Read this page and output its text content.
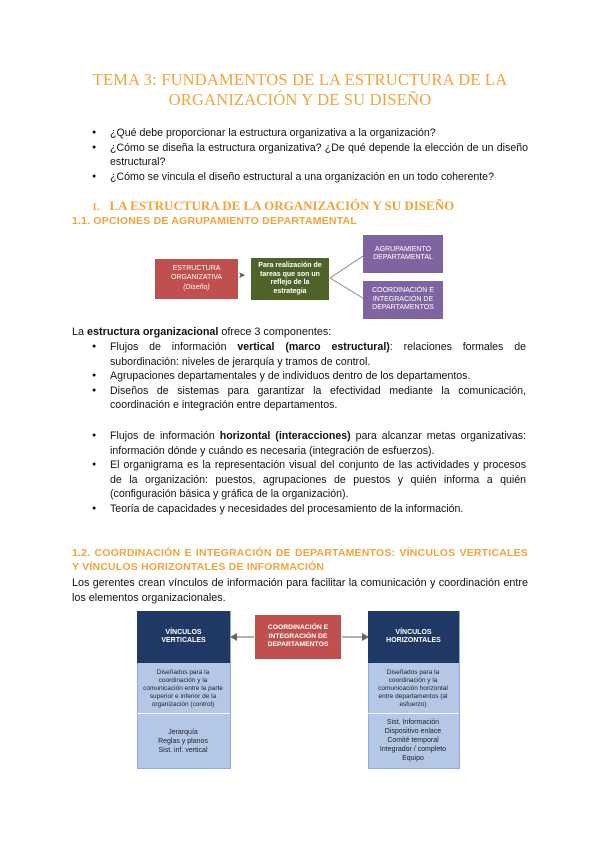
TEMA 3: FUNDAMENTOS DE LA ESTRUCTURA DE LA ORGANIZACIÓN Y DE SU DISEÑO
● ¿Qué debe proporcionar la estructura organizativa a la organización?
● ¿Cómo se diseña la estructura organizativa? ¿De qué depende la elección de un diseño estructural?
● ¿Cómo se vincula el diseño estructural a una organización en un todo coherente?
1. LA ESTRUCTURA DE LA ORGANIZACIÓN Y SU DISEÑO
1.1. OPCIONES DE AGRUPAMIENTO DEPARTAMENTAL
ESTRUCTURA
ORGANIZATIVA
(Diseño)
➤
Para realización de tareas que son un reflejo de la estrategia
AGRUPAMIENTO DEPARTAMENTAL
COORDINACIÓN E INTEGRACIÓN DE DEPARTAMENTOS
La estructura organizacional ofrece 3 componentes:
● Flujos de información vertical (marco estructural): relaciones formales de subordinación: niveles de jerarquía y tramos de control.
● Agrupaciones departamentales y de individuos dentro de los departamentos.
● Diseños de sistemas para garantizar la efectividad mediante la comunicación, coordinación e integración entre departamentos.
● Flujos de información horizontal (interacciones) para alcanzar metas organizativas: información dónde y cuándo es necesaria (integración de esfuerzos).
● El organigrama es la representación visual del conjunto de las actividades y procesos de la organización: puestos, agrupaciones de puestos y quién informa a quién (configuración básica y gráfica de la organización).
● Teoría de capacidades y necesidades del procesamiento de la información.
1.2. COORDINACIÓN E INTEGRACIÓN DE DEPARTAMENTOS: VÍNCULOS VERTICALES Y VÍNCULOS HORIZONTALES DE INFORMACIÓN
Los gerentes crean vínculos de información para facilitar la comunicación y coordinación entre los elementos organizacionales.
VÍNCULOS VERTICALES
Diseñados para la coordinación y la comunicación entre la parte superior e inferior de la organización (control)
Jerarquía
Reglas y planos
Sist. inf. vertical
COORDINACIÓN E INTEGRACIÓN DE DEPARTAMENTOS
VÍNCULOS HORIZONTALES
Diseñados para la coordinación y la comunicación horizontal entre departamentos (al esfuerzo)
Sist. Información
Dispositivo enlace
Comité temporal
Integrador / completo
Equipo
